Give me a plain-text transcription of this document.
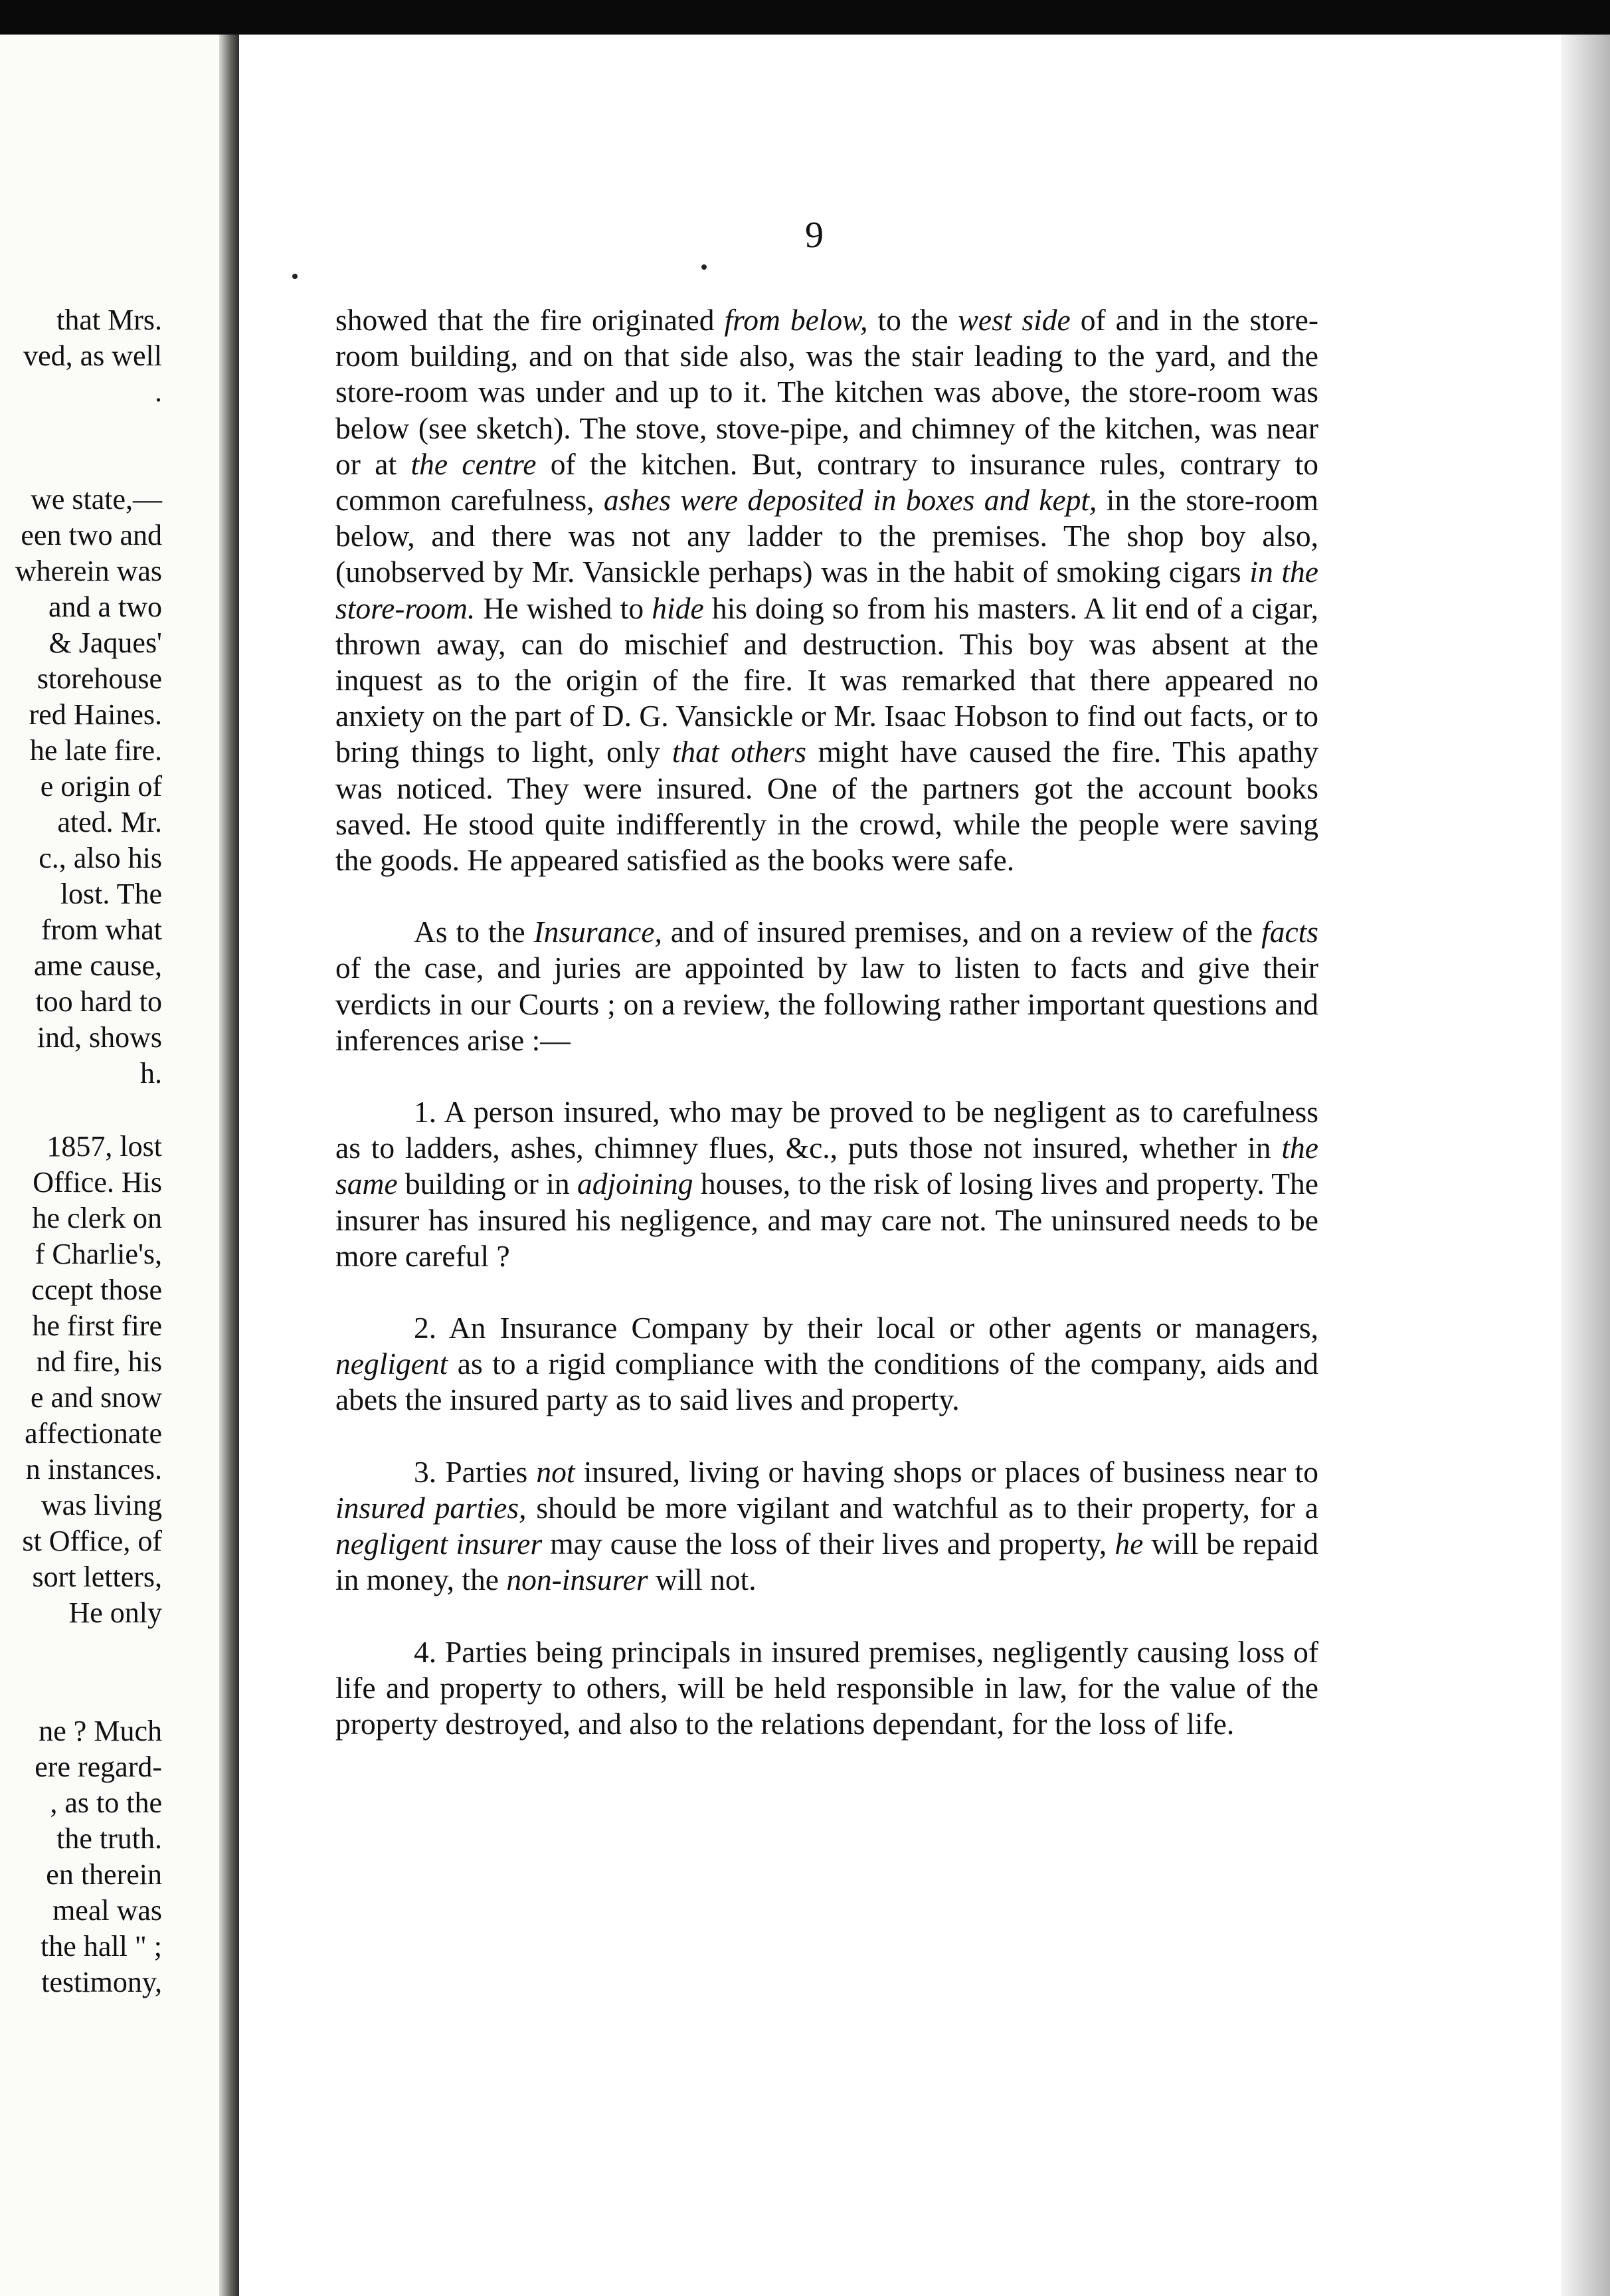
that Mrs.
ved, as well
.
we state,—
een two and
wherein was
and a two
& Jaques'
storehouse
red Haines.
he late fire.
e origin of
ated. Mr.
c., also his
lost. The
from what
ame cause,
too hard to
ind, shows
h.
1857, lost
Office. His
he clerk on
f Charlie's,
ccept those
he first fire
nd fire, his
e and snow
affectionate
n instances.
was living
st Office, of
sort letters,
He only
ne ? Much
ere regard-
, as to the
the truth.
en therein
meal was
the hall " ;
testimony,
9

showed that the fire originated from below, to the west side of and in the store-room building, and on that side also, was the stair leading to the yard, and the store-room was under and up to it. The kitchen was above, the store-room was below (see sketch). The stove, stove-pipe, and chimney of the kitchen, was near or at the centre of the kitchen. But, contrary to insurance rules, contrary to common carefulness, ashes were deposited in boxes and kept, in the store-room below, and there was not any ladder to the premises. The shop boy also, (unobserved by Mr. Vansickle perhaps) was in the habit of smoking cigars in the store-room. He wished to hide his doing so from his masters. A lit end of a cigar, thrown away, can do mischief and destruction. This boy was absent at the inquest as to the origin of the fire. It was remarked that there appeared no anxiety on the part of D. G. Vansickle or Mr. Isaac Hobson to find out facts, or to bring things to light, only that others might have caused the fire. This apathy was noticed. They were insured. One of the partners got the account books saved. He stood quite indifferently in the crowd, while the people were saving the goods. He appeared satisfied as the books were safe.

As to the Insurance, and of insured premises, and on a review of the facts of the case, and juries are appointed by law to listen to facts and give their verdicts in our Courts ; on a review, the following rather important questions and inferences arise :—

1. A person insured, who may be proved to be negligent as to carefulness as to ladders, ashes, chimney flues, &c., puts those not insured, whether in the same building or in adjoining houses, to the risk of losing lives and property. The insurer has insured his negligence, and may care not. The uninsured needs to be more careful ?

2. An Insurance Company by their local or other agents or managers, negligent as to a rigid compliance with the conditions of the company, aids and abets the insured party as to said lives and property.

3. Parties not insured, living or having shops or places of business near to insured parties, should be more vigilant and watchful as to their property, for a negligent insurer may cause the loss of their lives and property, he will be repaid in money, the non-insurer will not.

4. Parties being principals in insured premises, negligently causing loss of life and property to others, will be held responsible in law, for the value of the property destroyed, and also to the relations dependant, for the loss of life.
